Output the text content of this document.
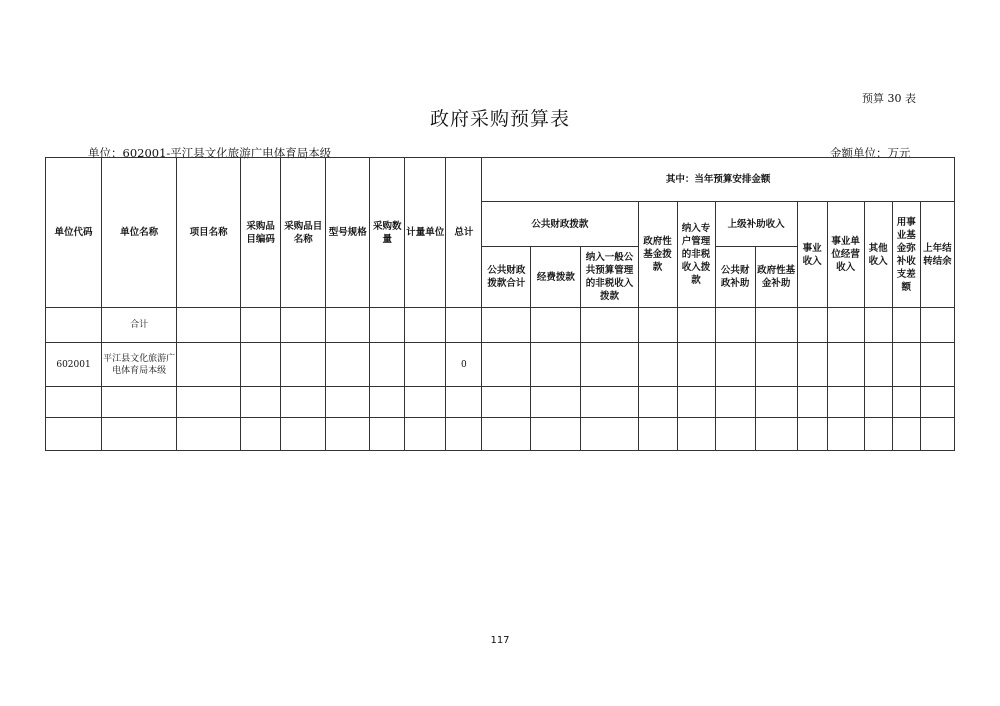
预算 30 表
政府采购预算表
单位：602001-平江县文化旅游广电体育局本级	金额单位：万元
单位代码	单位名称	项目名称	采购品目编码	采购品目名称	型号规格	采购数量	计量单位	总计	其中：当年预算安排金额											
									公共财政拨款			政府性基金拨款	纳入专户管理的非税收入拨款	上级补助收入		事业收入	事业单位经营收入	其他收入	用事业基金弥补收支差额	上年结转结余
									公共财政拨款合计	经费拨款	纳入一般公共预算管理的非税收入拨款			公共财政补助	政府性基金补助					
	合计																			
602001	平江县文化旅游广电体育局本级							0												

117
